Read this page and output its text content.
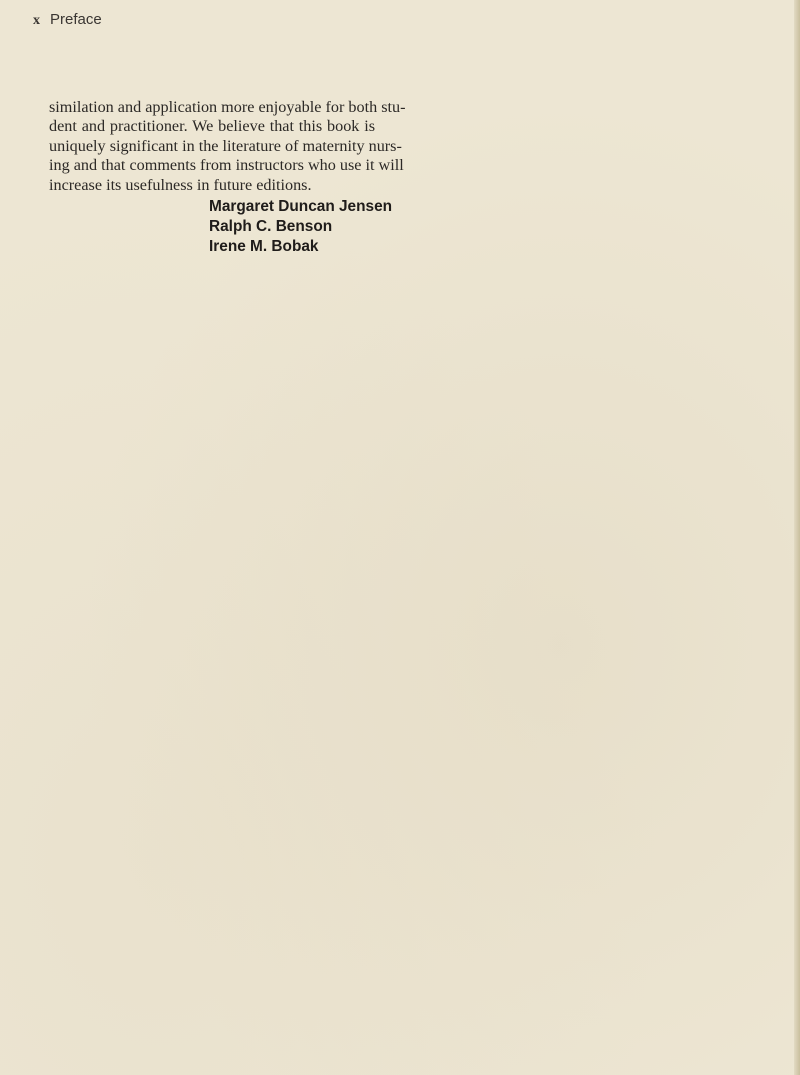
x Preface
similation and application more enjoyable for both stu-
dent and practitioner. We believe that this book is
uniquely significant in the literature of maternity nurs-
ing and that comments from instructors who use it will
increase its usefulness in future editions.
Margaret Duncan Jensen
Ralph C. Benson
Irene M. Bobak
